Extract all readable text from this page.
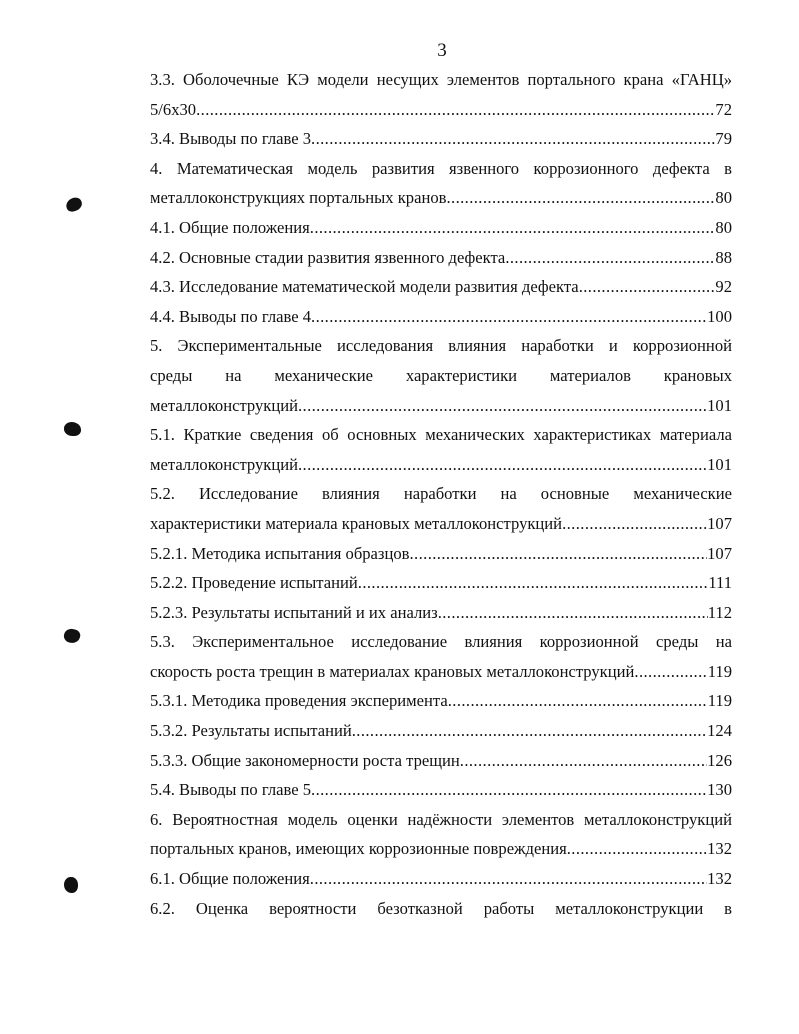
3
3.3. Оболочечные КЭ модели несущих элементов портального крана «ГАНЦ»
5/6х30 .....	72
3.4. Выводы по главе 3 .....	79
4. Математическая модель развития язвенного коррозионного дефекта в
металлоконструкциях портальных кранов .....	80
4.1. Общие положения .....	80
4.2. Основные стадии развития язвенного дефекта .....	88
4.3. Исследование математической модели развития дефекта .....	92
4.4. Выводы по главе 4 .....	100
5. Экспериментальные исследования влияния наработки и коррозионной
среды на механические характеристики материалов крановых
металлоконструкций .....	101
5.1. Краткие сведения об основных механических характеристиках материала
металлоконструкций .....	101
5.2. Исследование влияния наработки на основные механические
характеристики материала крановых металлоконструкций .....	107
5.2.1. Методика испытания образцов .....	107
5.2.2. Проведение испытаний .....	111
5.2.3. Результаты испытаний и их анализ .....	112
5.3. Экспериментальное исследование влияния коррозионной среды на
скорость роста трещин в материалах крановых металлоконструкций .....	119
5.3.1. Методика проведения эксперимента .....	119
5.3.2. Результаты испытаний .....	124
5.3.3. Общие закономерности роста трещин .....	126
5.4. Выводы по главе 5 .....	130
6. Вероятностная модель оценки надёжности элементов металлоконструкций
портальных кранов, имеющих коррозионные повреждения .....	132
6.1. Общие положения .....	132
6.2. Оценка вероятности безотказной работы металлоконструкции в
